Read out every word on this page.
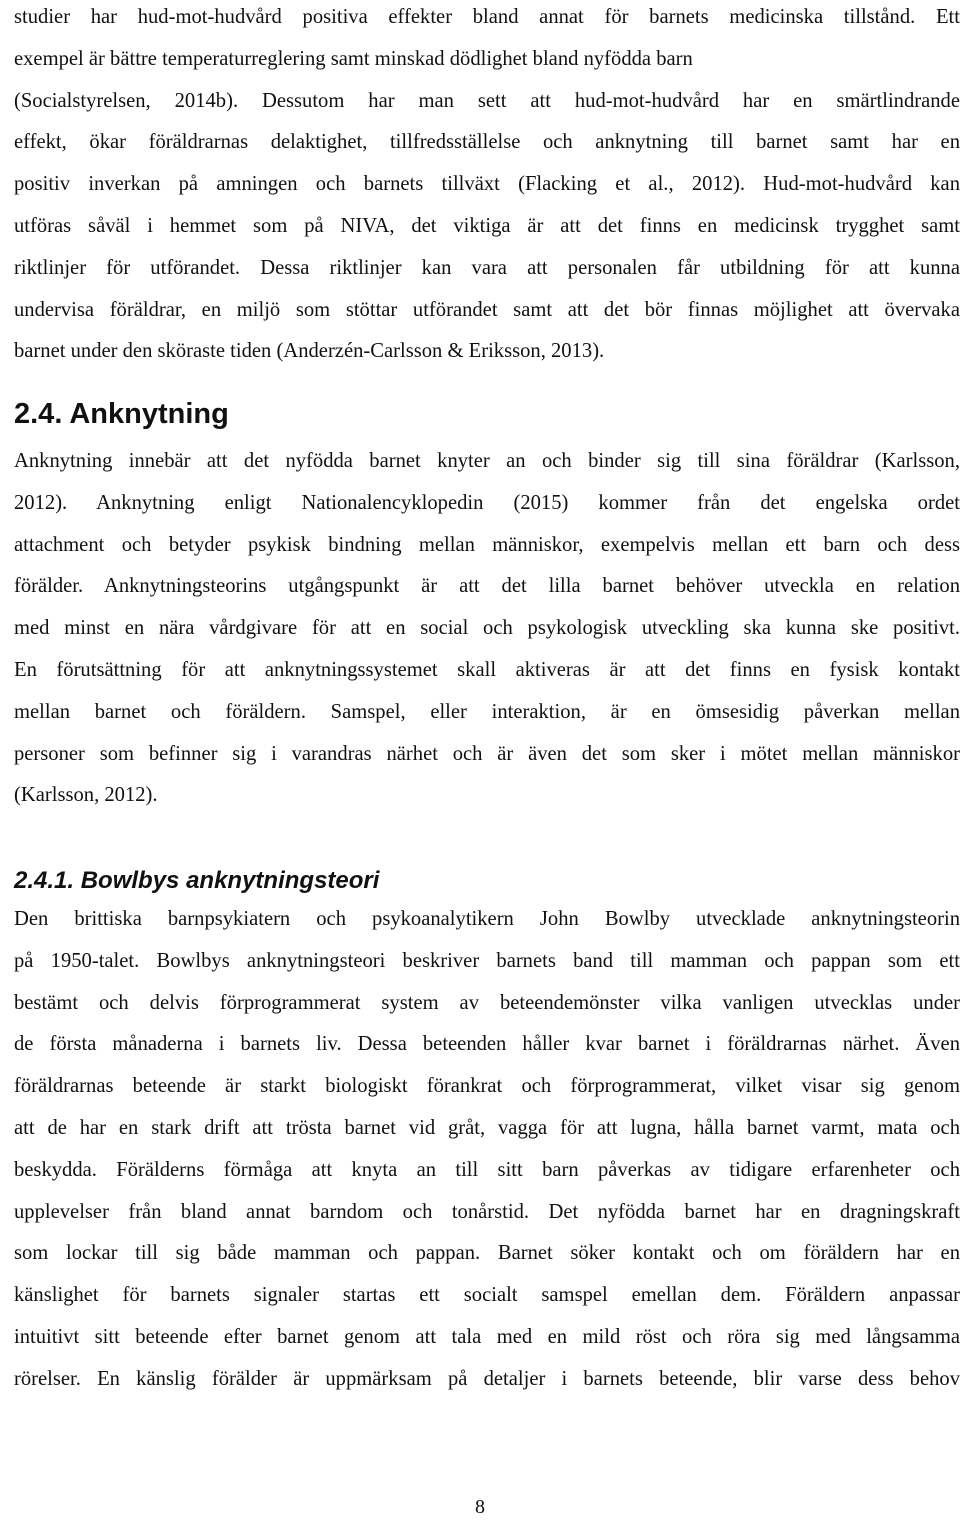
studier har hud-mot-hudvård positiva effekter bland annat för barnets medicinska tillstånd. Ett
exempel är bättre temperaturreglering samt minskad dödlighet bland nyfödda barn
(Socialstyrelsen, 2014b). Dessutom har man sett att hud-mot-hudvård har en smärtlindrande
effekt, ökar föräldrarnas delaktighet, tillfredsställelse och anknytning till barnet samt har en
positiv inverkan på amningen och barnets tillväxt (Flacking et al., 2012). Hud-mot-hudvård kan
utföras såväl i hemmet som på NIVA, det viktiga är att det finns en medicinsk trygghet samt
riktlinjer för utförandet. Dessa riktlinjer kan vara att personalen får utbildning för att kunna
undervisa föräldrar, en miljö som stöttar utförandet samt att det bör finnas möjlighet att övervaka
barnet under den sköraste tiden (Anderzén-Carlsson & Eriksson, 2013).

2.4. Anknytning

Anknytning innebär att det nyfödda barnet knyter an och binder sig till sina föräldrar (Karlsson,
2012). Anknytning enligt Nationalencyklopedin (2015) kommer från det engelska ordet
attachment och betyder psykisk bindning mellan människor, exempelvis mellan ett barn och dess
förälder. Anknytningsteorins utgångspunkt är att det lilla barnet behöver utveckla en relation
med minst en nära vårdgivare för att en social och psykologisk utveckling ska kunna ske positivt.
En förutsättning för att anknytningssystemet skall aktiveras är att det finns en fysisk kontakt
mellan barnet och föräldern. Samspel, eller interaktion, är en ömsesidig påverkan mellan
personer som befinner sig i varandras närhet och är även det som sker i mötet mellan människor
(Karlsson, 2012).

2.4.1. Bowlbys anknytningsteori

Den brittiska barnpsykiatern och psykoanalytikern John Bowlby utvecklade anknytningsteorin
på 1950-talet. Bowlbys anknytningsteori beskriver barnets band till mamman och pappan som ett
bestämt och delvis förprogrammerat system av beteendemönster vilka vanligen utvecklas under
de första månaderna i barnets liv. Dessa beteenden håller kvar barnet i föräldrarnas närhet. Även
föräldrarnas beteende är starkt biologiskt förankrat och förprogrammerat, vilket visar sig genom
att de har en stark drift att trösta barnet vid gråt, vagga för att lugna, hålla barnet varmt, mata och
beskydda. Förälderns förmåga att knyta an till sitt barn påverkas av tidigare erfarenheter och
upplevelser från bland annat barndom och tonårstid. Det nyfödda barnet har en dragningskraft
som lockar till sig både mamman och pappan. Barnet söker kontakt och om föräldern har en
känslighet för barnets signaler startas ett socialt samspel emellan dem. Föräldern anpassar
intuitivt sitt beteende efter barnet genom att tala med en mild röst och röra sig med långsamma
rörelser. En känslig förälder är uppmärksam på detaljer i barnets beteende, blir varse dess behov

8
